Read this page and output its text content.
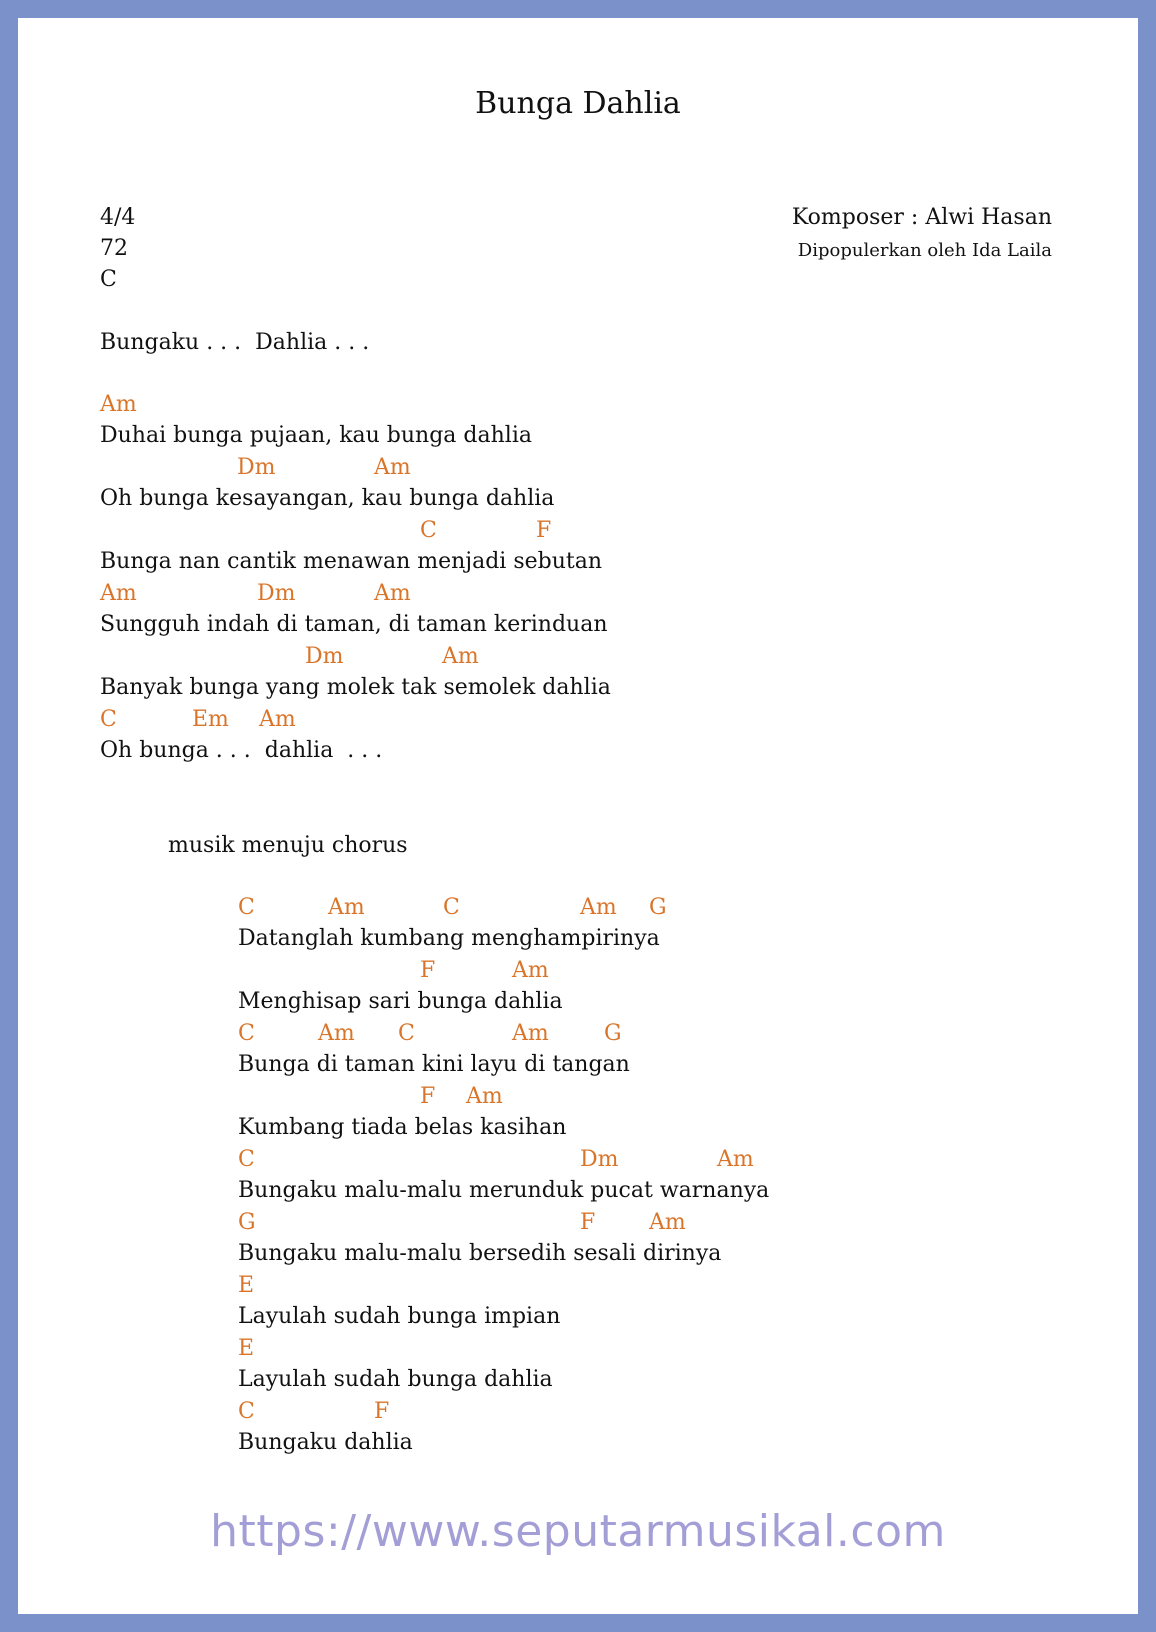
Bunga Dahlia
4/4
72
C
Komposer : Alwi Hasan
Dipopulerkan oleh Ida Laila
Bungaku . . .  Dahlia . . .
Am
Duhai bunga pujaan, kau bunga dahlia
Dm	Am
Oh bunga kesayangan, kau bunga dahlia
C	F
Bunga nan cantik menawan menjadi sebutan
Am	Dm	Am
Sungguh indah di taman, di taman kerinduan
Dm	Am
Banyak bunga yang molek tak semolek dahlia
C	Em Am
Oh bunga . . .  dahlia  . . .
musik menuju chorus
C	Am	C	Am G
Datanglah kumbang menghampirinya
F	Am
Menghisap sari bunga dahlia
C	Am C	Am	G
Bunga di taman kini layu di tangan
F Am
Kumbang tiada belas kasihan
C	Dm	Am
Bungaku malu-malu merunduk pucat warnanya
G	F Am
Bungaku malu-malu bersedih sesali dirinya
E
Layulah sudah bunga impian
E
Layulah sudah bunga dahlia
C	F
Bungaku dahlia
https://www.seputarmusikal.com
